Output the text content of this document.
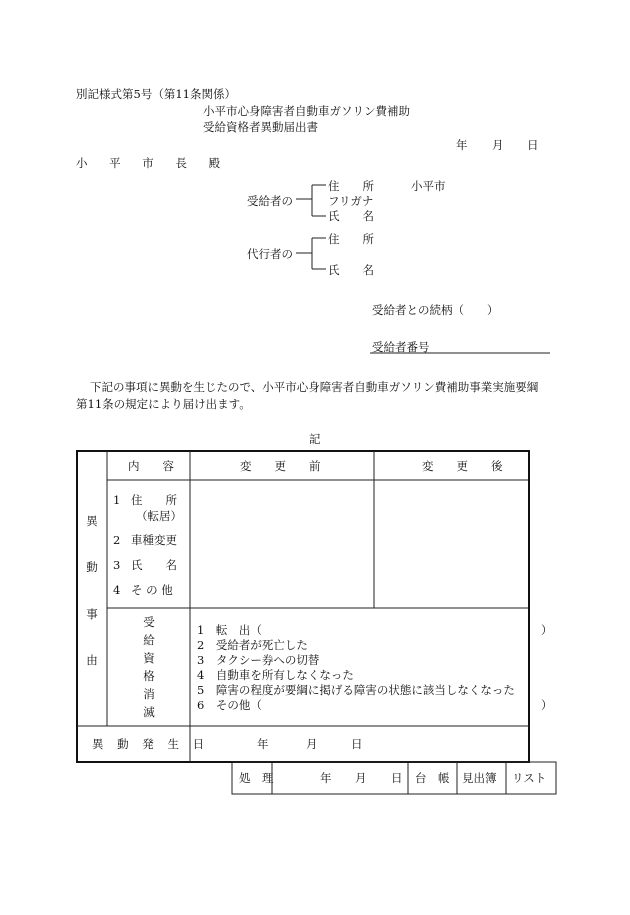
別記様式第5号（第11条関係）
小平市心身障害者自動車ガソリン費補助
受給資格者異動届出書
年 月 日
小 平 市 長 殿
受給者の
住　　所	小平市
フリガナ
氏　　名
代行者の
住　　所
氏　　名
受給者との続柄（　　）
受給者番号
下記の事項に異動を生じたので、小平市心身障害者自動車ガソリン費補助事業実施要綱
第11条の規定により届け出ます。
記
内　　容	変　　更　　前	変　　更　　後
異
動
事
由
1 住　　所
（転居）
2 車種変更
3 氏　　名
4 そ の 他
受
給
資
格
消
滅
1　転　出（	）
2　受給者が死亡した
3　タクシー券への切替
4　自動車を所有しなくなった
5　障害の程度が要綱に掲げる障害の状態に該当しなくなった
6　その他（	）
異 動 発 生 日	年	月	日
処　理	年 月 日 台　帳 見出簿 リスト
